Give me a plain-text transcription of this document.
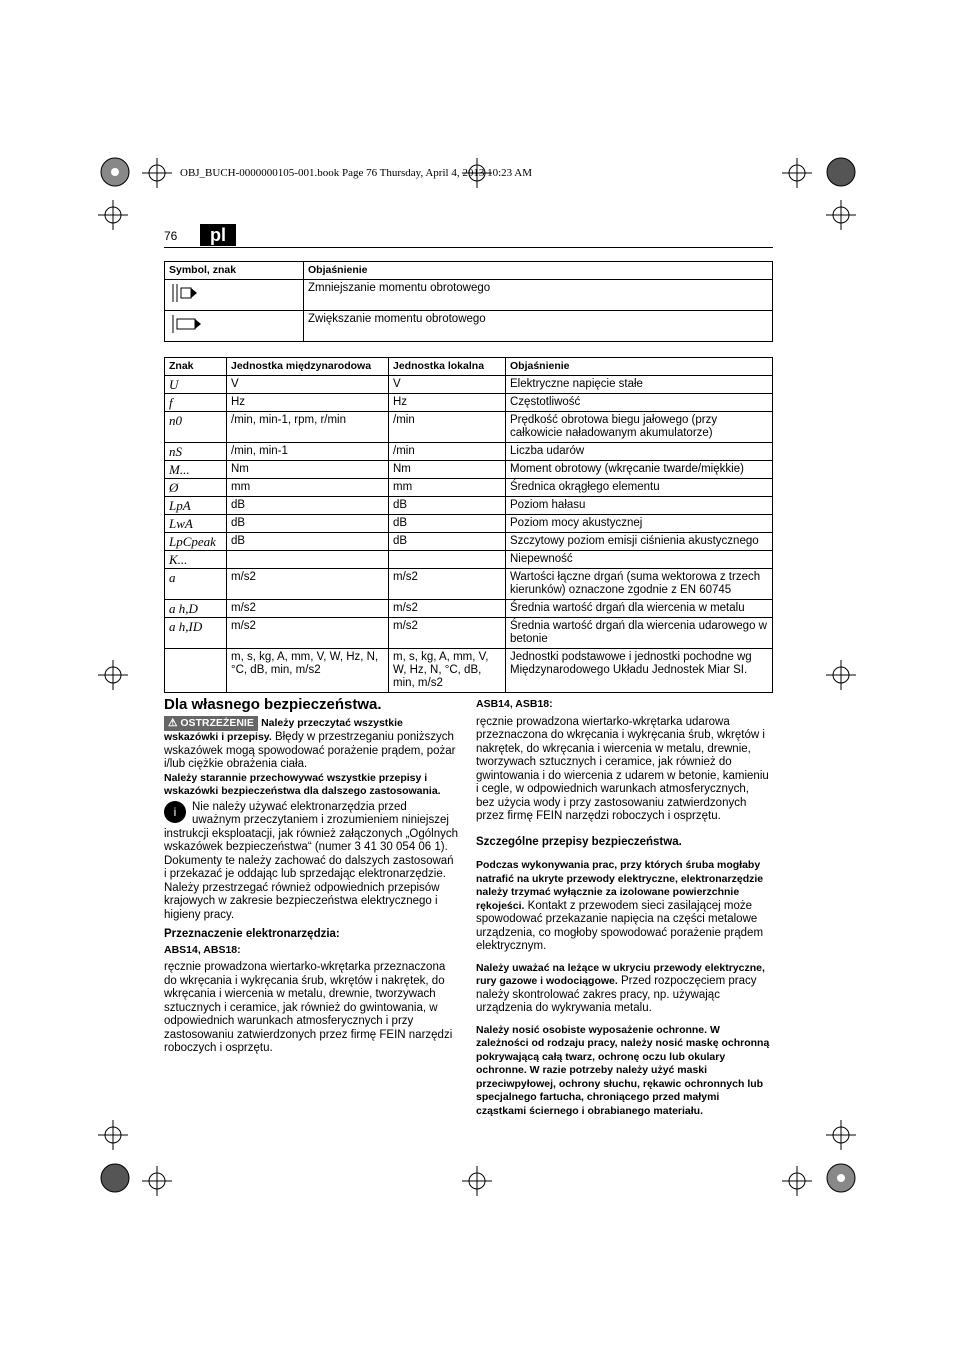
OBJ_BUCH-0000000105-001.book Page 76 Thursday, April 4, 2013 10:23 AM
76	pl
Symbol, znak	Objaśnienie
	Zmniejszanie momentu obrotowego
	Zwiększanie momentu obrotowego
Znak	Jednostka międzynarodowa	Jednostka lokalna	Objaśnienie
U	V	V	Elektryczne napięcie stałe
f	Hz	Hz	Częstotliwość
n0	/min, min-1, rpm, r/min	/min	Prędkość obrotowa biegu jałowego (przy całkowicie naładowanym akumulatorze)
nS	/min, min-1	/min	Liczba udarów
M...	Nm	Nm	Moment obrotowy (wkręcanie twarde/miękkie)
Ø	mm	mm	Średnica okrągłego elementu
LpA	dB	dB	Poziom hałasu
LwA	dB	dB	Poziom mocy akustycznej
LpCpeak	dB	dB	Szczytowy poziom emisji ciśnienia akustycznego
K...			Niepewność
a	m/s2	m/s2	Wartości łączne drgań (suma wektorowa z trzech kierunków) oznaczone zgodnie z EN 60745
a h,D	m/s2	m/s2	Średnia wartość drgań dla wiercenia w metalu
a h,ID	m/s2	m/s2	Średnia wartość drgań dla wiercenia udarowego w betonie
	m, s, kg, A, mm, V, W, Hz, N, °C, dB, min, m/s2	m, s, kg, A, mm, V, W, Hz, N, °C, dB, min, m/s2	Jednostki podstawowe i jednostki pochodne wg Międzynarodowego Układu Jednostek Miar SI.
Dla własnego bezpieczeństwa.

⚠ OSTRZEŻENIE Należy przeczytać wszystkie wskazówki i przepisy. Błędy w przestrzeganiu poniższych wskazówek mogą spowodować porażenie prądem, pożar i/lub ciężkie obrażenia ciała.

Należy starannie przechowywać wszystkie przepisy i wskazówki bezpieczeństwa dla dalszego zastosowania.

i	Nie należy używać elektronarzędzia przed uważnym przeczytaniem i zrozumieniem niniejszej instrukcji eksploatacji, jak również załączonych „Ogólnych wskazówek bezpieczeństwa“ (numer 3 41 30 054 06 1). Dokumenty te należy zachować do dalszych zastosowań i przekazać je oddając lub sprzedając elektronarzędzie.

Należy przestrzegać również odpowiednich przepisów krajowych w zakresie bezpieczeństwa elektrycznego i higieny pracy.

Przeznaczenie elektronarzędzia:
ABS14, ABS18:

ręcznie prowadzona wiertarko-wkrętarka przeznaczona do wkręcania i wykręcania śrub, wkrętów i nakrętek, do wkręcania i wiercenia w metalu, drewnie, tworzywach sztucznych i ceramice, jak również do gwintowania, w odpowiednich warunkach atmosferycznych i przy zastosowaniu zatwierdzonych przez firmę FEIN narzędzi roboczych i osprzętu.

ASB14, ASB18:

ręcznie prowadzona wiertarko-wkrętarka udarowa przeznaczona do wkręcania i wykręcania śrub, wkrętów i nakrętek, do wkręcania i wiercenia w metalu, drewnie, tworzywach sztucznych i ceramice, jak również do gwintowania i do wiercenia z udarem w betonie, kamieniu i cegle, w odpowiednich warunkach atmosferycznych, bez użycia wody i przy zastosowaniu zatwierdzonych przez firmę FEIN narzędzi roboczych i osprzętu.

Szczególne przepisy bezpieczeństwa.

Podczas wykonywania prac, przy których śruba mogłaby natrafić na ukryte przewody elektryczne, elektronarzędzie należy trzymać wyłącznie za izolowane powierzchnie rękojeści. Kontakt z przewodem sieci zasilającej może spowodować przekazanie napięcia na części metalowe urządzenia, co mogłoby spowodować porażenie prądem elektrycznym.

Należy uważać na leżące w ukryciu przewody elektryczne, rury gazowe i wodociągowe. Przed rozpoczęciem pracy należy skontrolować zakres pracy, np. używając urządzenia do wykrywania metalu.

Należy nosić osobiste wyposażenie ochronne. W zależności od rodzaju pracy, należy nosić maskę ochronną pokrywającą całą twarz, ochronę oczu lub okulary ochronne. W razie potrzeby należy użyć maski przeciwpyłowej, ochrony słuchu, rękawic ochronnych lub specjalnego fartucha, chroniącego przed małymi cząstkami ściernego i obrabianego materiału.
